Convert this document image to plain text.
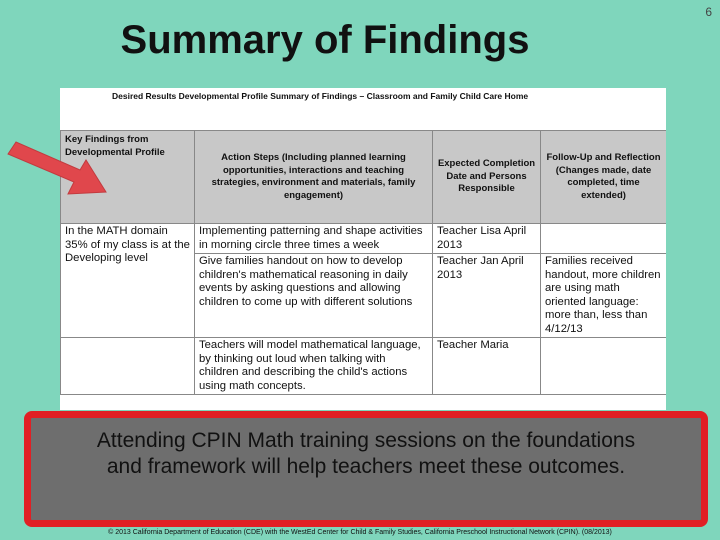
6
Summary of Findings
Desired Results Developmental Profile Summary of Findings – Classroom and Family Child Care Home
Key Findings from Developmental Profile	Action Steps (Including planned learning opportunities, interactions and teaching strategies, environment and materials, family engagement)	Expected Completion Date and Persons Responsible	Follow-Up and Reflection (Changes made, date completed, time extended)
In the MATH domain 35% of my class is at the Developing level	Implementing patterning and shape activities in morning circle three times a week	Teacher Lisa April 2013	
	Give families handout on how to develop children's mathematical reasoning in daily events by asking questions and allowing children to come up with different solutions	Teacher Jan April 2013	Families received handout, more children are using math oriented language: more than, less than 4/12/13
	Teachers will model mathematical language, by thinking out loud when talking with children and describing the child's actions using math concepts.	Teacher Maria	
Attending CPIN Math training sessions on the foundations and framework will help teachers meet these outcomes.
© 2013 California Department of Education (CDE) with the WestEd Center for Child & Family Studies, California Preschool Instructional Network (CPIN). (08/2013)
